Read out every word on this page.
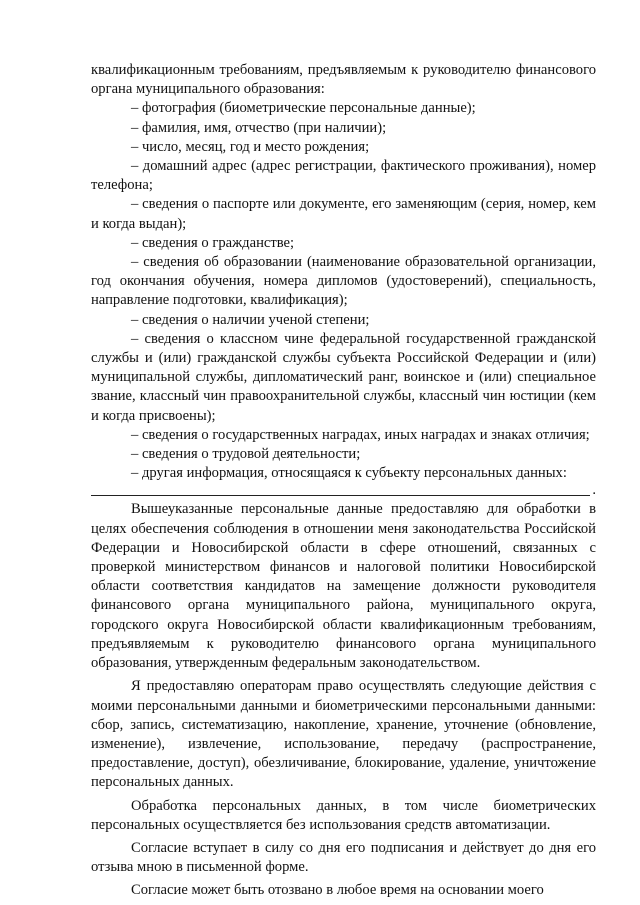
квалификационным требованиям, предъявляемым к руководителю финансового органа муниципального образования:

– фотография (биометрические персональные данные);

– фамилия, имя, отчество (при наличии);

– число, месяц, год и место рождения;

– домашний адрес (адрес регистрации, фактического проживания), номер телефона;

– сведения о паспорте или документе, его заменяющим (серия, номер, кем и когда выдан);

– сведения о гражданстве;

– сведения об образовании (наименование образовательной организации, год окончания обучения, номера дипломов (удостоверений), специальность, направление подготовки, квалификация);

– сведения о наличии ученой степени;

– сведения о классном чине федеральной государственной гражданской службы и (или) гражданской службы субъекта Российской Федерации и (или) муниципальной службы, дипломатический ранг, воинское и (или) специальное звание, классный чин правоохранительной службы, классный чин юстиции (кем и когда присвоены);

– сведения о государственных наградах, иных наградах и знаках отличия;

– сведения о трудовой деятельности;

– другая информация, относящаяся к субъекту персональных данных:

.

Вышеуказанные персональные данные предоставляю для обработки в целях обеспечения соблюдения в отношении меня законодательства Российской Федерации и Новосибирской области в сфере отношений, связанных с проверкой министерством финансов и налоговой политики Новосибирской области соответствия кандидатов на замещение должности руководителя финансового органа муниципального района, муниципального округа, городского округа Новосибирской области квалификационным требованиям, предъявляемым к руководителю финансового органа муниципального образования, утвержденным федеральным законодательством.

Я предоставляю операторам право осуществлять следующие действия с моими персональными данными и биометрическими персональными данными: сбор, запись, систематизацию, накопление, хранение, уточнение (обновление, изменение), извлечение, использование, передачу (распространение, предоставление, доступ), обезличивание, блокирование, удаление, уничтожение персональных данных.

Обработка персональных данных, в том числе биометрических персональных осуществляется без использования средств автоматизации.

Согласие вступает в силу со дня его подписания и действует до дня его отзыва мною в письменной форме.

Согласие может быть отозвано в любое время на основании моего
